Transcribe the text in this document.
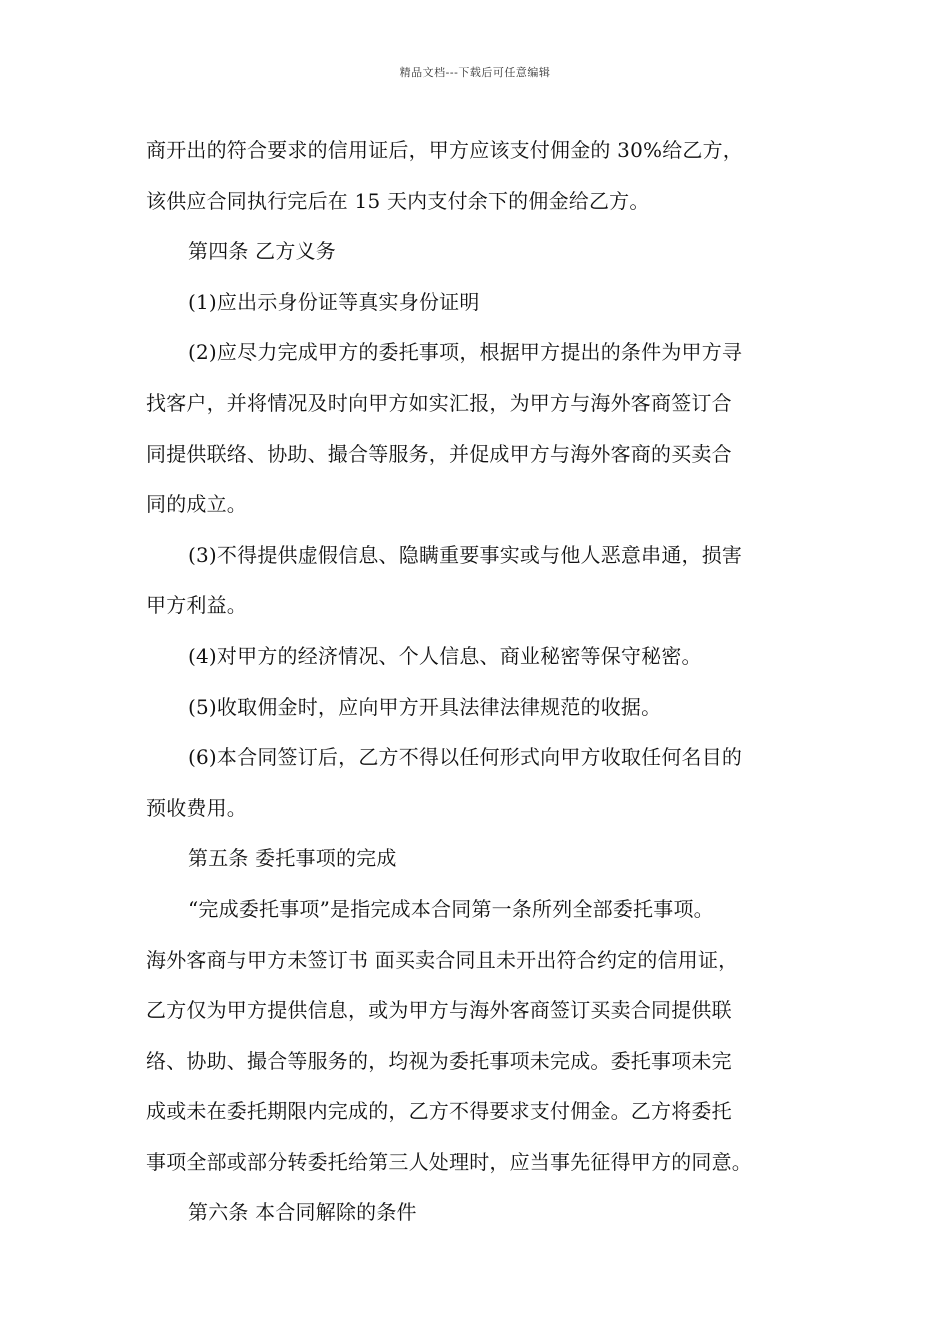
精品文档---下载后可任意编辑
商开出的符合要求的信用证后，甲方应该支付佣金的 30%给乙方，
该供应合同执行完后在 15 天内支付余下的佣金给乙方。
第四条 乙方义务
(1)应出示身份证等真实身份证明
(2)应尽力完成甲方的委托事项，根据甲方提出的条件为甲方寻
找客户，并将情况及时向甲方如实汇报，为甲方与海外客商签订合
同提供联络、协助、撮合等服务，并促成甲方与海外客商的买卖合
同的成立。
(3)不得提供虚假信息、隐瞒重要事实或与他人恶意串通，损害
甲方利益。
(4)对甲方的经济情况、个人信息、商业秘密等保守秘密。
(5)收取佣金时，应向甲方开具法律法律规范的收据。
(6)本合同签订后，乙方不得以任何形式向甲方收取任何名目的
预收费用。
第五条 委托事项的完成
“完成委托事项”是指完成本合同第一条所列全部委托事项。
海外客商与甲方未签订书 面买卖合同且未开出符合约定的信用证，
乙方仅为甲方提供信息，或为甲方与海外客商签订买卖合同提供联
络、协助、撮合等服务的，均视为委托事项未完成。委托事项未完
成或未在委托期限内完成的，乙方不得要求支付佣金。乙方将委托
事项全部或部分转委托给第三人处理时，应当事先征得甲方的同意。
第六条 本合同解除的条件
